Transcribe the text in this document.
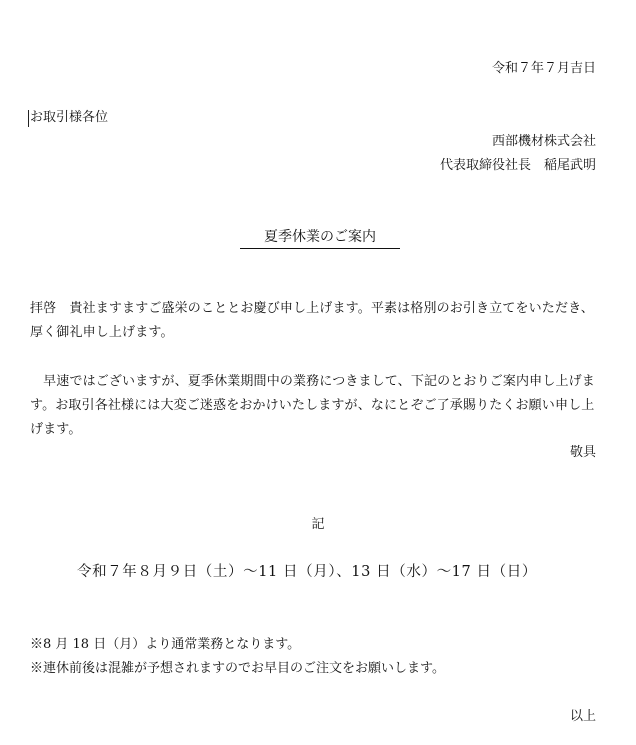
令和７年７月吉日
お取引様各位
西部機材株式会社
代表取締役社長　稲尾武明
夏季休業のご案内
拝啓　貴社ますますご盛栄のこととお慶び申し上げます。平素は格別のお引き立てをいただき、厚く御礼申し上げます。
　早速ではございますが、夏季休業期間中の業務につきまして、下記のとおりご案内申し上げます。お取引各社様には大変ご迷惑をおかけいたしますが、なにとぞご了承賜りたくお願い申し上げます。
敬具
記
令和７年８月９日（土）～11 日（月）、13 日（水）～17 日（日）
※8 月 18 日（月）より通常業務となります。
※連休前後は混雑が予想されますのでお早目のご注文をお願いします。
以上
